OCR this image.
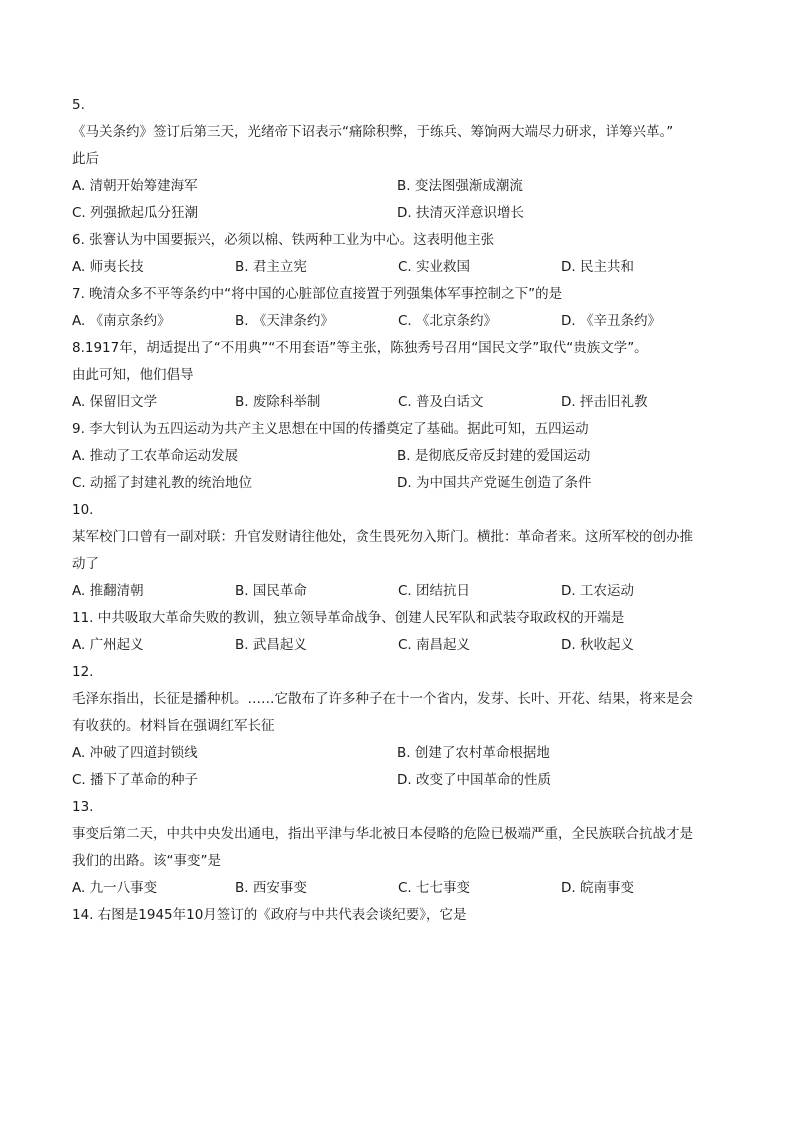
5.
《马关条约》签订后第三天，光绪帝下诏表示“痛除积弊，于练兵、筹饷两大端尽力研求，详筹兴革。”
此后
A. 清朝开始筹建海军	B. 变法图强渐成潮流
C. 列强掀起瓜分狂潮	D. 扶清灭洋意识增长
6. 张謇认为中国要振兴，必须以棉、铁两种工业为中心。这表明他主张
A. 师夷长技	B. 君主立宪	C. 实业救国	D. 民主共和
7. 晚清众多不平等条约中“将中国的心脏部位直接置于列强集体军事控制之下”的是
A. 《南京条约》	B. 《天津条约》	C. 《北京条约》	D. 《辛丑条约》
8.1917年，胡适提出了“不用典”“不用套语”等主张，陈独秀号召用“国民文学”取代“贵族文学”。
由此可知，他们倡导
A. 保留旧文学	B. 废除科举制	C. 普及白话文	D. 抨击旧礼教
9. 李大钊认为五四运动为共产主义思想在中国的传播奠定了基础。据此可知，五四运动
A. 推动了工农革命运动发展	B. 是彻底反帝反封建的爱国运动
C. 动摇了封建礼教的统治地位	D. 为中国共产党诞生创造了条件
10.
某军校门口曾有一副对联：升官发财请往他处，贪生畏死勿入斯门。横批：革命者来。这所军校的创办推
动了
A. 推翻清朝	B. 国民革命	C. 团结抗日	D. 工农运动
11. 中共吸取大革命失败的教训，独立领导革命战争、创建人民军队和武装夺取政权的开端是
A. 广州起义	B. 武昌起义	C. 南昌起义	D. 秋收起义
12.
毛泽东指出，长征是播种机。……它散布了许多种子在十一个省内，发芽、长叶、开花、结果，将来是会
有收获的。材料旨在强调红军长征
A. 冲破了四道封锁线	B. 创建了农村革命根据地
C. 播下了革命的种子	D. 改变了中国革命的性质
13.
事变后第二天，中共中央发出通电，指出平津与华北被日本侵略的危险已极端严重，全民族联合抗战才是
我们的出路。该“事变”是
A. 九一八事变	B. 西安事变	C. 七七事变	D. 皖南事变
14. 右图是1945年10月签订的《政府与中共代表会谈纪要》，它是
